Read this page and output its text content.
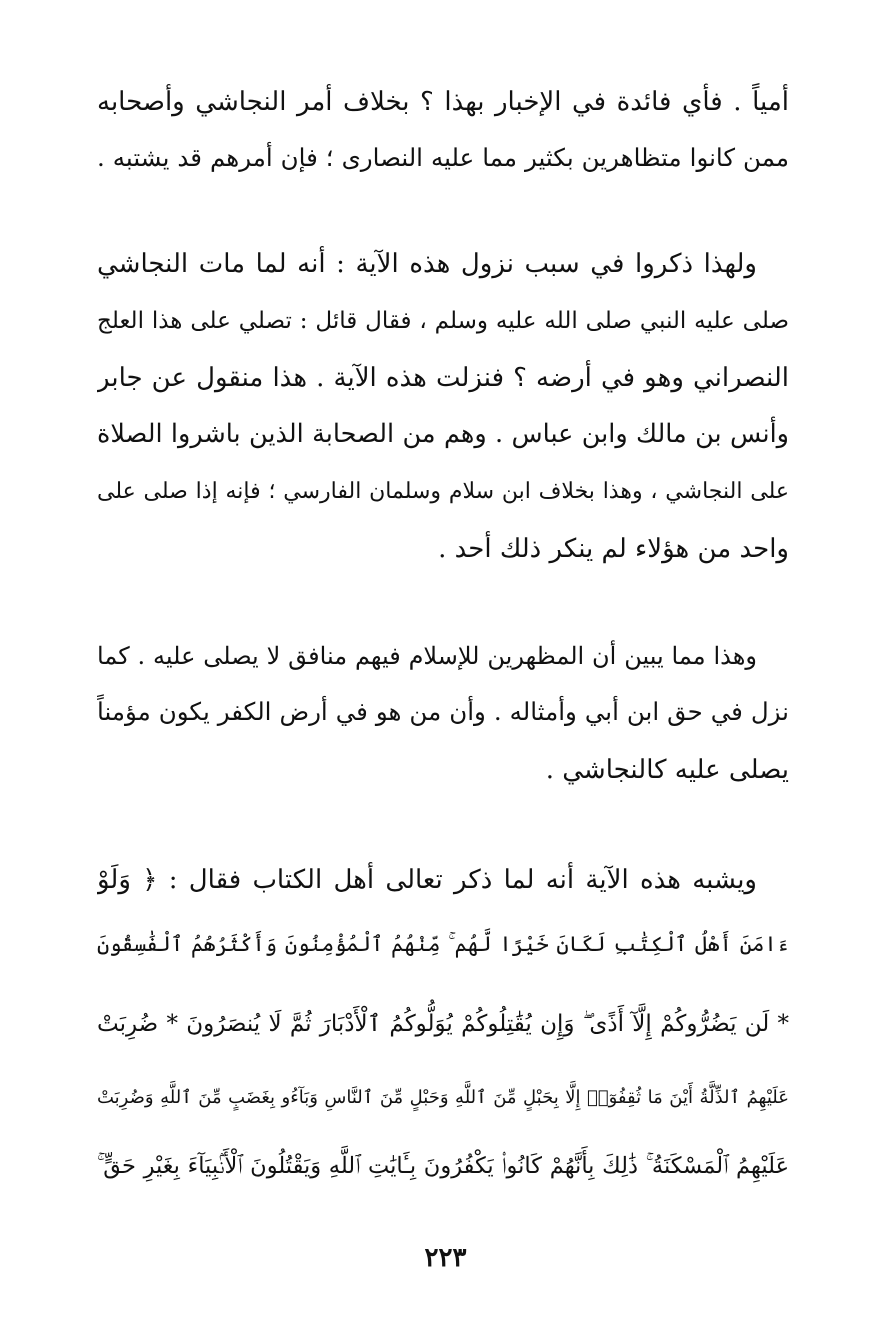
أمياً . فأي فائدة في الإخبار بهذا ؟ بخلاف أمر النجاشي وأصحابه
ممن كانوا متظاهرين بكثير مما عليه النصارى ؛ فإن أمرهم قد يشتبه .
ولهذا ذكروا في سبب نزول هذه الآية : أنه لما مات النجاشي
صلى عليه النبي صلى الله عليه وسلم ، فقال قائل : تصلي على هذا العلج
النصراني وهو في أرضه ؟ فنزلت هذه الآية . هذا منقول عن جابر
وأنس بن مالك وابن عباس . وهم من الصحابة الذين باشروا الصلاة
على النجاشي ، وهذا بخلاف ابن سلام وسلمان الفارسي ؛ فإنه إذا صلى على
واحد من هؤلاء لم ينكر ذلك أحد .
وهذا مما يبين أن المظهرين للإسلام فيهم منافق لا يصلى عليه . كما
نزل في حق ابن أبي وأمثاله . وأن من هو في أرض الكفر يكون مؤمناً
يصلى عليه كالنجاشي .
ويشبه هذه الآية أنه لما ذكر تعالى أهل الكتاب فقال : ﴿ وَلَوْ
ءَامَنَ أَهْلُ ٱلْكِتَٰبِ لَكَانَ خَيْرًا لَّهُم ۚ مِّنْهُمُ ٱلْمُؤْمِنُونَ وَأَكْثَرُهُمُ ٱلْفَٰسِقُونَ
* لَن يَضُرُّوكُمْ إِلَّآ أَذًى ۖ وَإِن يُقَٰتِلُوكُمْ يُوَلُّوكُمُ ٱلْأَدْبَارَ ثُمَّ لَا يُنصَرُونَ * ضُرِبَتْ
عَلَيْهِمُ ٱلذِّلَّةُ أَيْنَ مَا ثُقِفُوٓا۟ إِلَّا بِحَبْلٍ مِّنَ ٱللَّهِ وَحَبْلٍ مِّنَ ٱلنَّاسِ وَبَآءُو بِغَضَبٍ مِّنَ ٱللَّهِ وَضُرِبَتْ
عَلَيْهِمُ ٱلْمَسْكَنَةُ ۚ ذَٰلِكَ بِأَنَّهُمْ كَانُوا۟ يَكْفُرُونَ بِـَٔايَٰتِ ٱللَّهِ وَيَقْتُلُونَ ٱلْأَنۢبِيَآءَ بِغَيْرِ حَقٍّ ۚ
٢٢٣
